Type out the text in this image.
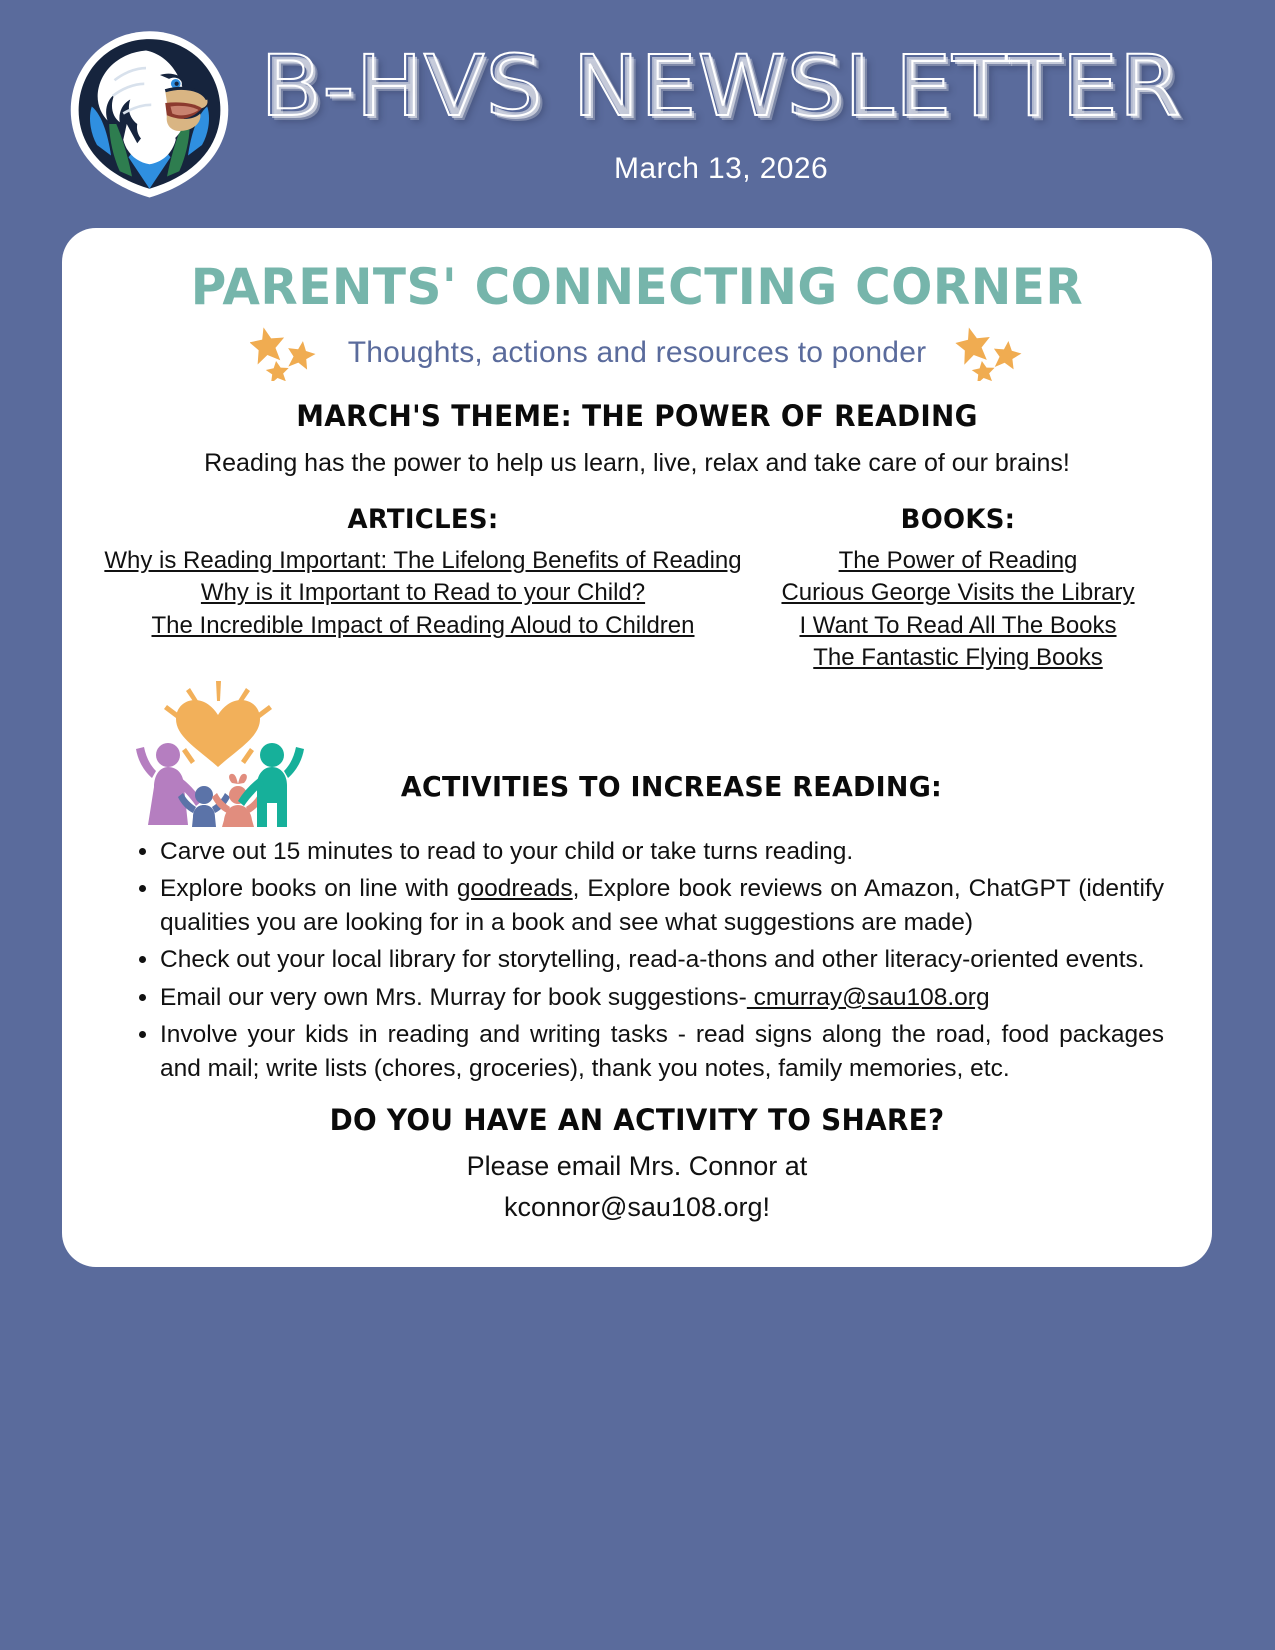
B-HVS NEWSLETTER
March 13, 2026
PARENTS' CONNECTING CORNER
Thoughts, actions and resources to ponder
MARCH'S THEME: THE POWER OF READING
Reading has the power to help us learn, live, relax and take care of our brains!
ARTICLES:
Why is Reading Important: The Lifelong Benefits of Reading
Why is it Important to Read to your Child?
The Incredible Impact of Reading Aloud to Children
BOOKS:
The Power of Reading
Curious George Visits the Library
I Want To Read All The Books
The Fantastic Flying Books
ACTIVITIES TO INCREASE READING:
• Carve out 15 minutes to read to your child or take turns reading.
• Explore books on line with goodreads, Explore book reviews on Amazon, ChatGPT (identify qualities you are looking for in a book and see what suggestions are made)
• Check out your local library for storytelling, read-a-thons and other literacy-oriented events.
• Email our very own Mrs. Murray for book suggestions- cmurray@sau108.org
• Involve your kids in reading and writing tasks - read signs along the road, food packages and mail; write lists (chores, groceries), thank you notes, family memories, etc.
DO YOU HAVE AN ACTIVITY TO SHARE?
Please email Mrs. Connor at
kconnor@sau108.org!
